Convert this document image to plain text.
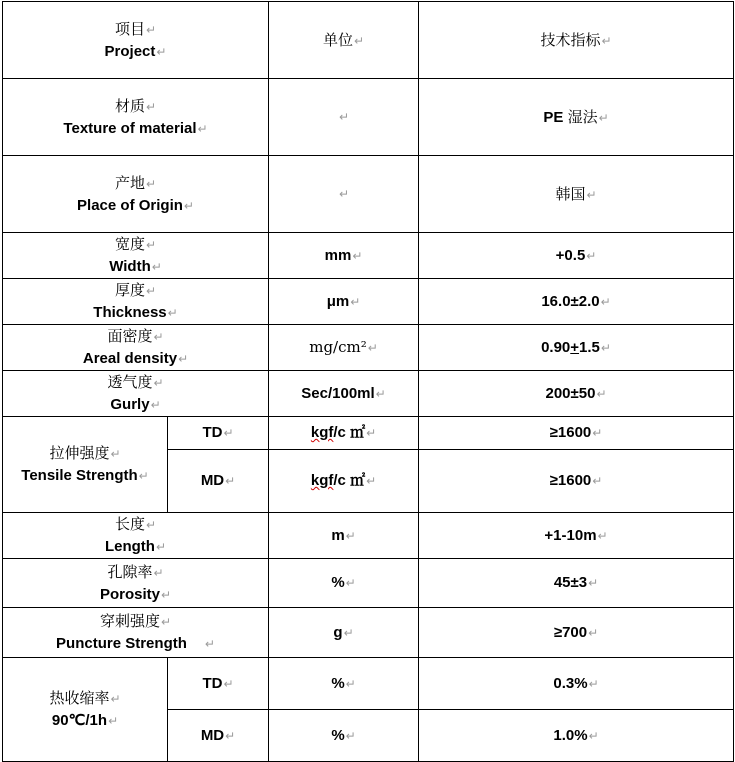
项目↵
Project↵		单位↵	技术指标↵

材质↵
Texture of material↵		↵	PE 湿法↵

产地↵
Place of Origin↵		↵	韩国↵

宽度↵
Width↵		mm↵	+0.5↵

厚度↵
Thickness↵		μm↵	16.0±2.0↵

面密度↵
Areal density↵		mg/cm²↵	0.90+1.5↵

透气度↵
Gurly↵		Sec/100ml↵	200±50↵

拉伸强度↵
Tensile Strength↵	TD↵	kgf/c ㎡↵	≥1600↵
	MD↵	kgf/c ㎡↵	≥1600↵

长度↵
Length↵		m↵	+1-10m↵

孔隙率↵
Porosity↵		%↵	45±3↵

穿刺强度↵
Puncture Strength ↵		g↵	≥700↵

热收缩率↵
90℃/1h↵	TD↵	%↵	0.3%↵
	MD↵	%↵	1.0%↵
